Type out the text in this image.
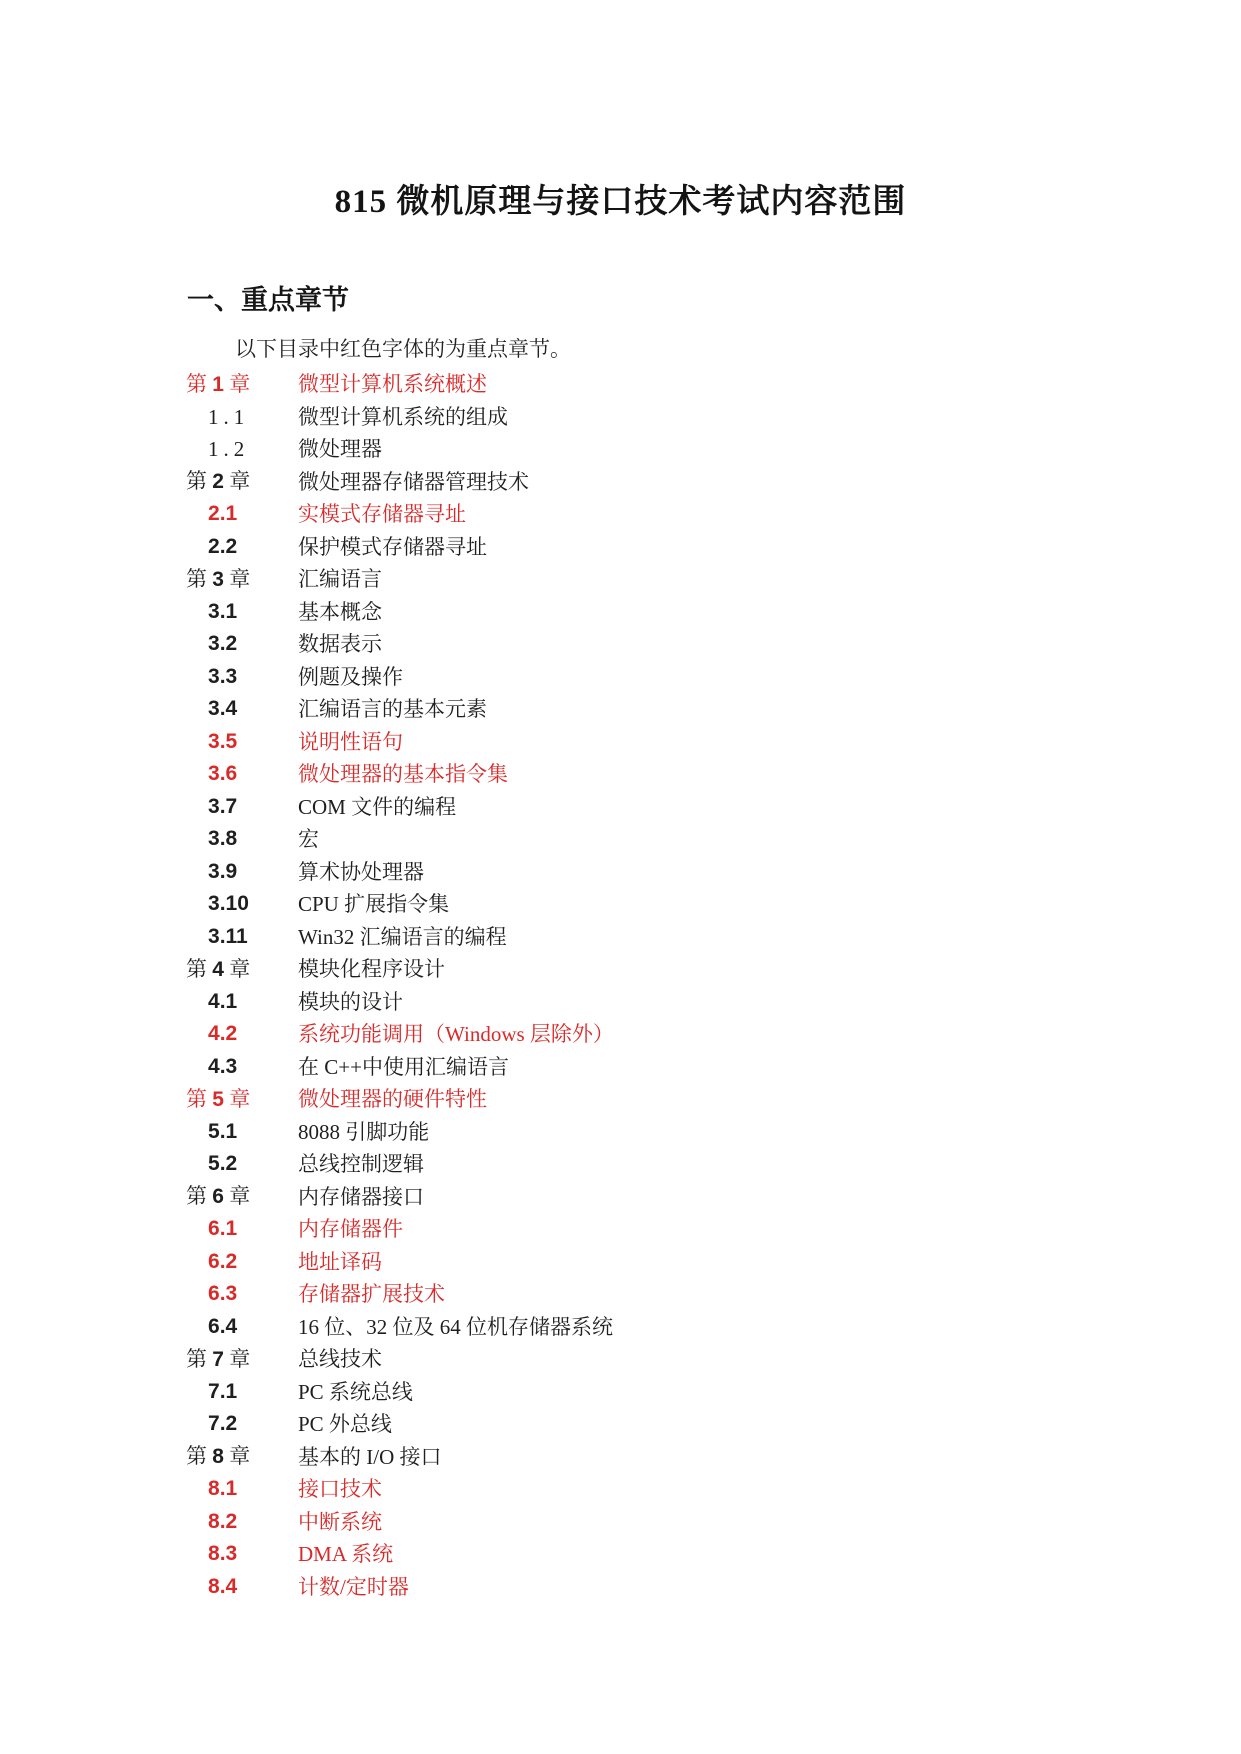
815 微机原理与接口技术考试内容范围
一、重点章节
以下目录中红色字体的为重点章节。
第 1 章	微型计算机系统概述
1.1	微型计算机系统的组成
1.2	微处理器
第 2 章	微处理器存储器管理技术
2.1	实模式存储器寻址
2.2	保护模式存储器寻址
第 3 章	汇编语言
3.1	基本概念
3.2	数据表示
3.3	例题及操作
3.4	汇编语言的基本元素
3.5	说明性语句
3.6	微处理器的基本指令集
3.7	COM 文件的编程
3.8	宏
3.9	算术协处理器
3.10	CPU 扩展指令集
3.11	Win32 汇编语言的编程
第 4 章	模块化程序设计
4.1	模块的设计
4.2	系统功能调用（Windows 层除外）
4.3	在 C++中使用汇编语言
第 5 章	微处理器的硬件特性
5.1	8088 引脚功能
5.2	总线控制逻辑
第 6 章	内存储器接口
6.1	内存储器件
6.2	地址译码
6.3	存储器扩展技术
6.4	16 位、32 位及 64 位机存储器系统
第 7 章	总线技术
7.1	PC 系统总线
7.2	PC 外总线
第 8 章	基本的 I/O 接口
8.1	接口技术
8.2	中断系统
8.3	DMA 系统
8.4	计数/定时器
